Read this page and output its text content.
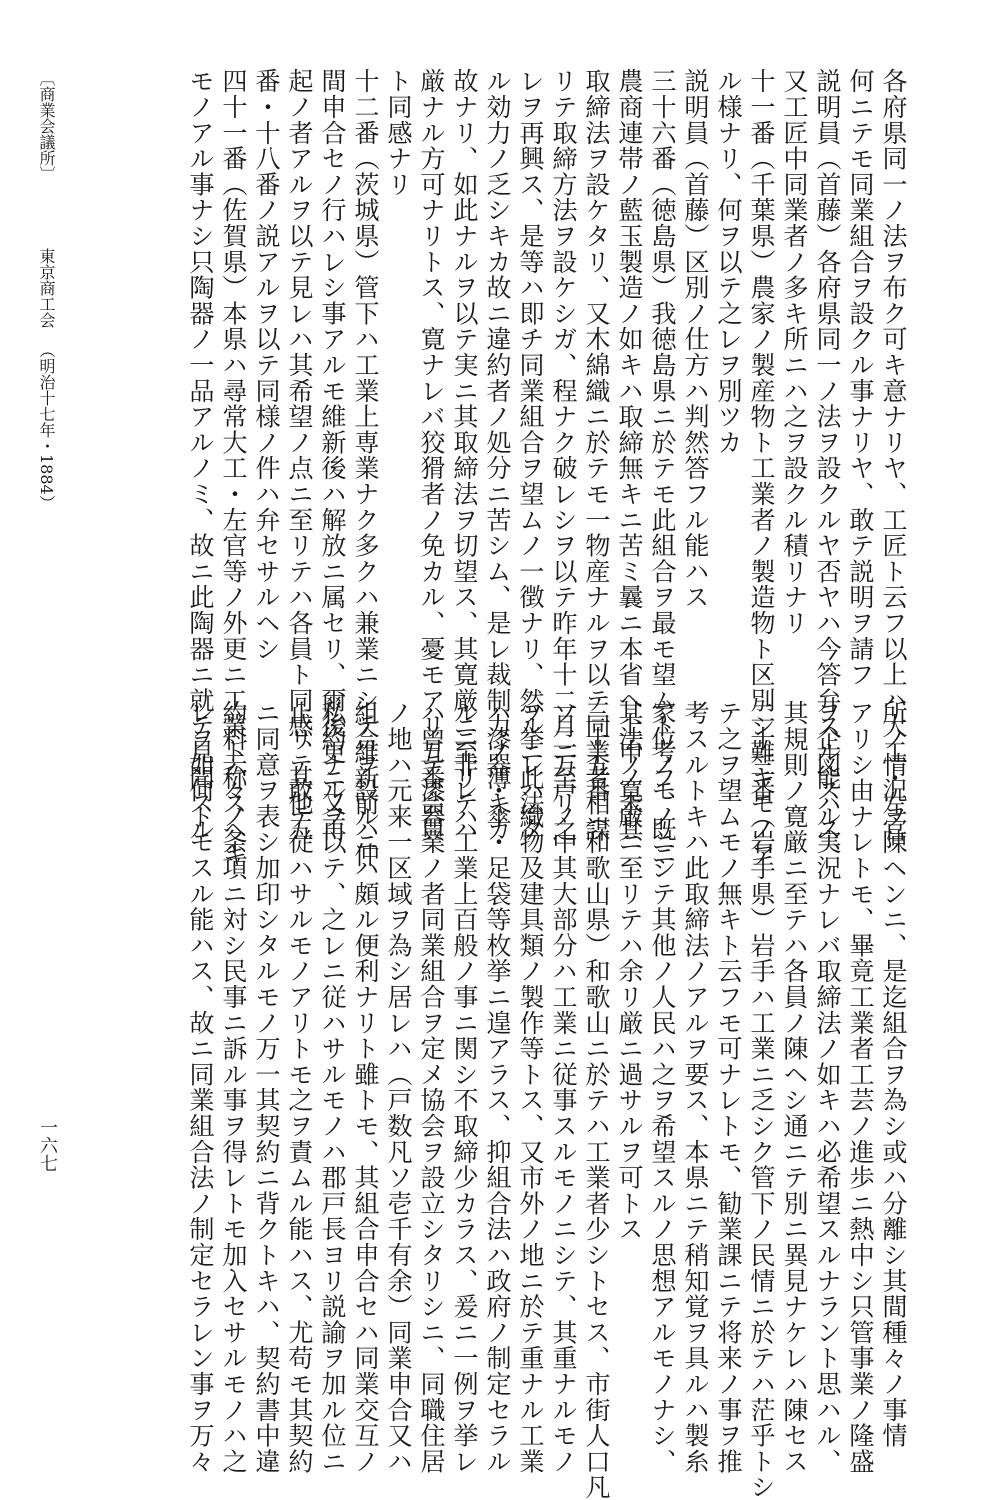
各府県同一ノ法ヲ布ク可キ意ナリヤ、工匠ト云フ以上ハ大工・左官
何ニテモ同業組合ヲ設クル事ナリヤ、敢テ説明ヲ請フ
説明員（首藤）各府県同一ノ法ヲ設クルヤ否ヤハ今答弁スル能ハス、
又工匠中同業者ノ多キ所ニハ之ヲ設クル積リナリ
十一番（千葉県）農家ノ製産物ト工業者ノ製造物ト区別シ難キモノア
ル様ナリ、何ヲ以テ之レヲ別ツカ
説明員（首藤）区別ノ仕方ハ判然答フル能ハス
三十六番（徳島県）我徳島県ニ於テモ此組合ヲ最モ望ムト考フ、既ニ
農商連帯ノ藍玉製造ノ如キハ取締無キニ苦ミ曩ニ本省ヘ上申ノ末其
取締法ヲ設ケタリ、又木綿織ニ於テモ一物産ナルヲ以テ同業者相謀
リテ取締方法ヲ設ケシガ、程ナク破レシヲ以テ昨年十二月ニ至リ之
レヲ再興ス、是等ハ即チ同業組合ヲ望ムノ一徴ナリ、然ルニ此法タ
ル効力ノ乏シキカ故ニ違約者ノ処分ニ苦シム、是レ裁制力ノ薄キカ
故ナリ、如此ナルヲ以テ実ニ其取締法ヲ切望ス、其寛厳ニ至リテハ
厳ナル方可ナリトス、寛ナレバ狡猾者ノ免カル、憂モアリ五番会員
ト同感ナリ
十二番（茨城県）管下ハ工業上専業ナク多クハ兼業ニシテ維新前ハ仲
間申合セノ行ハレシ事アルモ維新後ハ解放ニ属セリ、爾後更ニ又再
起ノ者アルヲ以テ見レハ其希望ノ点ニ至リテハ各員ト同感、其他五
番・十八番ノ説アルヲ以テ同様ノ件ハ弁セサルヘシ
四十一番（佐賀県）本県ハ尋常大工・左官等ノ外更ニ工業ト称スヘキ
モノアル事ナシ只陶器ノ一品アルノミ、故ニ此陶器ニ就テ見聞スル
所ノ情況ヲ陳ヘンニ、是迄組合ヲ為シ或ハ分離シ其間種々ノ事情
アリシ由ナレトモ、畢竟工業者工芸ノ進歩ニ熱中シ只管事業ノ隆盛
ヲ企図スル実況ナレバ取締法ノ如キハ必希望スルナラント思ハル、
其規則ノ寛厳ニ至テハ各員ノ陳ヘシ通ニテ別ニ異見ナケレハ陳セス
二十三番（岩手県）岩手ハ工業ニ乏シク管下ノ民情ニ於テハ茫乎トシ
テ之ヲ望ムモノ無キト云フモ可ナレトモ、勧業課ニテ将来ノ事ヲ推
考スルトキハ此取締法ノアルヲ要ス、本県ニテ稍知覚ヲ具ルハ製糸
家位ノモノニシテ其他ノ人民ハ之ヲ希望スルノ思想アルモノナシ、
其法ノ寛厳ニ至リテハ余リ厳ニ過サルヲ可トス
三十五番（和歌山県）和歌山ニ於テハ工業者少シトセス、市街人口凡
ソ二万戸ノ中其大部分ハ工業ニ従事スルモノニシテ、其重ナルモノ
ヲ挙レハ織物及建具類ノ製作等トス、又市外ノ地ニ於テ重ナル工業
ハ漆器・傘・足袋等枚挙ニ遑アラス、抑組合法ハ政府ノ制定セラル
ルニ非レハ工業上百般ノ事ニ関シ不取締少カラス、爰ニ一例ヲ挙レ
ハ曾テ漆器業ノ者同業組合ヲ定メ協会ヲ設立シタリシニ、同職住居
ノ地ハ元来一区域ヲ為シ居レハ（戸数凡ソ壱千有余）同業申合又ハ
組合ヲ設ルニハ頗ル便利ナリト雖トモ、其組合申合セハ同業交互ノ
私約ナルヲ以テ、之レニ従ハサルモノハ郡戸長ヨリ説諭ヲ加ル位ニ
止リテ敢テ従ハサルモノアリトモ之ヲ責ムル能ハス、尤苟モ其契約
ニ同意ヲ表シ加印シタルモノ万一其契約ニ背クトキハ、契約書中違
約料云々ノ条項ニ対シ民事ニ訴ル事ヲ得レトモ加入セサルモノハ之
レヲ如何トモスル能ハス、故ニ同業組合法ノ制定セラレン事ヲ万々
〔商業会議所〕
東京商工会
（明治十七年・1884）
一六七
